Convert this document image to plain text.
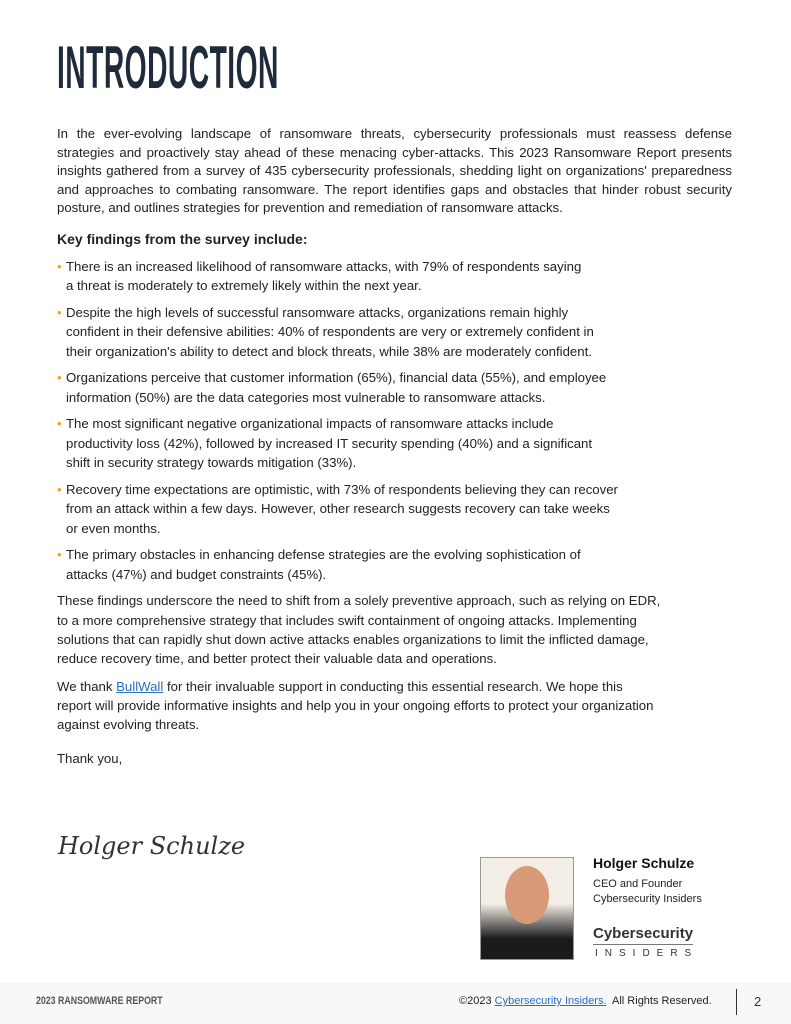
INTRODUCTION

In the ever-evolving landscape of ransomware threats, cybersecurity professionals must reassess defense strategies and proactively stay ahead of these menacing cyber-attacks. This 2023 Ransomware Report presents insights gathered from a survey of 435 cybersecurity professionals, shedding light on organizations' preparedness and approaches to combating ransomware. The report identifies gaps and obstacles that hinder robust security posture, and outlines strategies for prevention and remediation of ransomware attacks.

Key findings from the survey include:

• There is an increased likelihood of ransomware attacks, with 79% of respondents saying
a threat is moderately to extremely likely within the next year.
• Despite the high levels of successful ransomware attacks, organizations remain highly
confident in their defensive abilities: 40% of respondents are very or extremely confident in
their organization's ability to detect and block threats, while 38% are moderately confident.
• Organizations perceive that customer information (65%), financial data (55%), and employee
information (50%) are the data categories most vulnerable to ransomware attacks.
• The most significant negative organizational impacts of ransomware attacks include
productivity loss (42%), followed by increased IT security spending (40%) and a significant
shift in security strategy towards mitigation (33%).
• Recovery time expectations are optimistic, with 73% of respondents believing they can recover
from an attack within a few days. However, other research suggests recovery can take weeks
or even months.
• The primary obstacles in enhancing defense strategies are the evolving sophistication of
attacks (47%) and budget constraints (45%).

These findings underscore the need to shift from a solely preventive approach, such as relying on EDR,
to a more comprehensive strategy that includes swift containment of ongoing attacks. Implementing
solutions that can rapidly shut down active attacks enables organizations to limit the inflicted damage,
reduce recovery time, and better protect their valuable data and operations.

We thank BullWall for their invaluable support in conducting this essential research. We hope this
report will provide informative insights and help you in your ongoing efforts to protect your organization
against evolving threats.

Thank you,

Holger Schulze
Holger Schulze
CEO and Founder
Cybersecurity Insiders
Cybersecurity
INSIDERS
2023 RANSOMWARE REPORT	©2023 Cybersecurity Insiders.  All Rights Reserved.	2
